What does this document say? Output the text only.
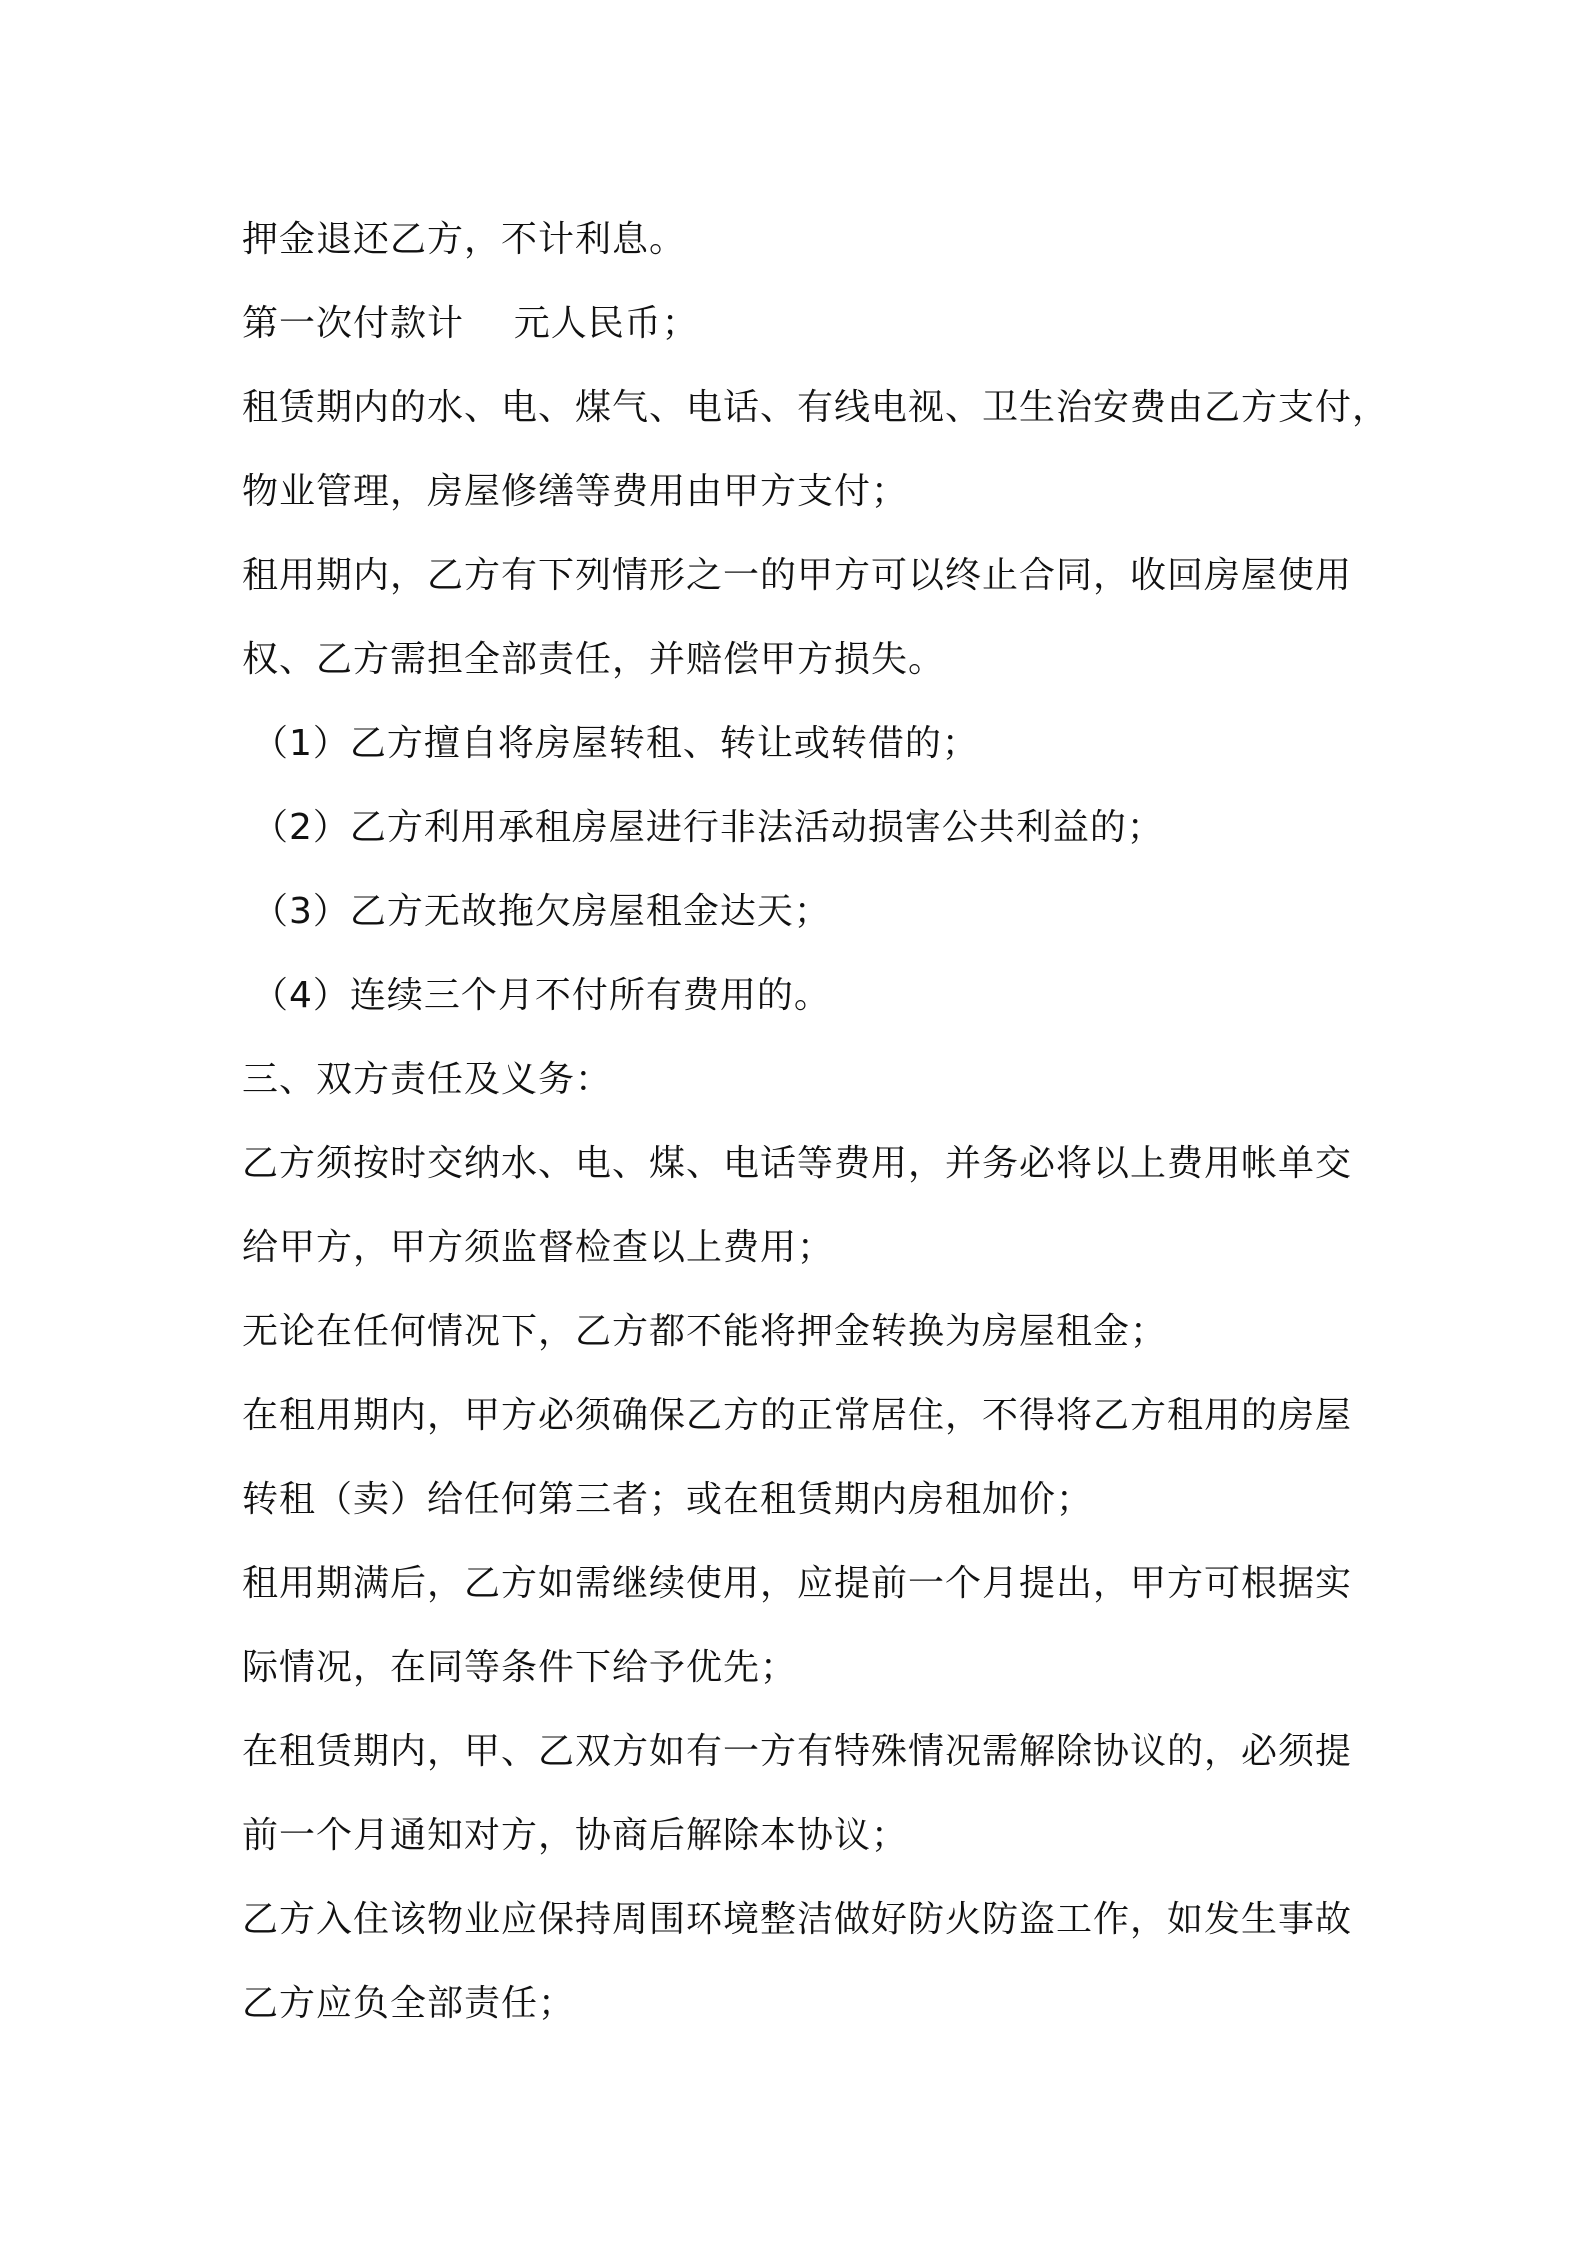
押金退还乙方，不计利息。

第一次付款计    元人民币；

租赁期内的水、电、煤气、电话、有线电视、卫生治安费由乙方支付，

物业管理，房屋修缮等费用由甲方支付；

租用期内，乙方有下列情形之一的甲方可以终止合同，收回房屋使用

权、乙方需担全部责任，并赔偿甲方损失。

（1）乙方擅自将房屋转租、转让或转借的；

（2）乙方利用承租房屋进行非法活动损害公共利益的；

（3）乙方无故拖欠房屋租金达天；

（4）连续三个月不付所有费用的。

三、双方责任及义务：

乙方须按时交纳水、电、煤、电话等费用，并务必将以上费用帐单交

给甲方，甲方须监督检查以上费用；

无论在任何情况下，乙方都不能将押金转换为房屋租金；

在租用期内，甲方必须确保乙方的正常居住，不得将乙方租用的房屋

转租（卖）给任何第三者；或在租赁期内房租加价；

租用期满后，乙方如需继续使用，应提前一个月提出，甲方可根据实

际情况，在同等条件下给予优先；

在租赁期内，甲、乙双方如有一方有特殊情况需解除协议的，必须提

前一个月通知对方，协商后解除本协议；

乙方入住该物业应保持周围环境整洁做好防火防盗工作，如发生事故

乙方应负全部责任；
